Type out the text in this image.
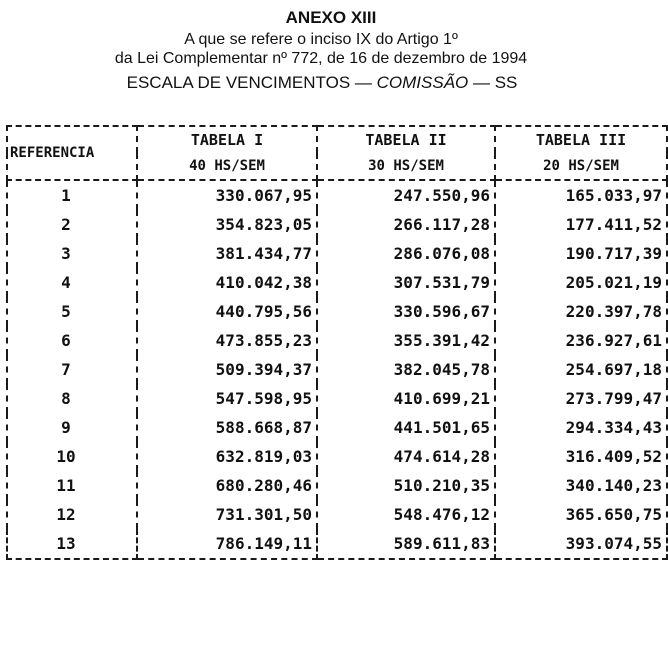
ANEXO XIII
A que se refere o inciso IX do Artigo 1º
da Lei Complementar nº 772, de 16 de dezembro de 1994
ESCALA DE VENCIMENTOS — COMISSÃO — SS
REFERENCIA	TABELA I	TABELA II	TABELA III
	40 HS/SEM	30 HS/SEM	20 HS/SEM
1	330.067,95	247.550,96	165.033,97
2	354.823,05	266.117,28	177.411,52
3	381.434,77	286.076,08	190.717,39
4	410.042,38	307.531,79	205.021,19
5	440.795,56	330.596,67	220.397,78
6	473.855,23	355.391,42	236.927,61
7	509.394,37	382.045,78	254.697,18
8	547.598,95	410.699,21	273.799,47
9	588.668,87	441.501,65	294.334,43
10	632.819,03	474.614,28	316.409,52
11	680.280,46	510.210,35	340.140,23
12	731.301,50	548.476,12	365.650,75
13	786.149,11	589.611,83	393.074,55
